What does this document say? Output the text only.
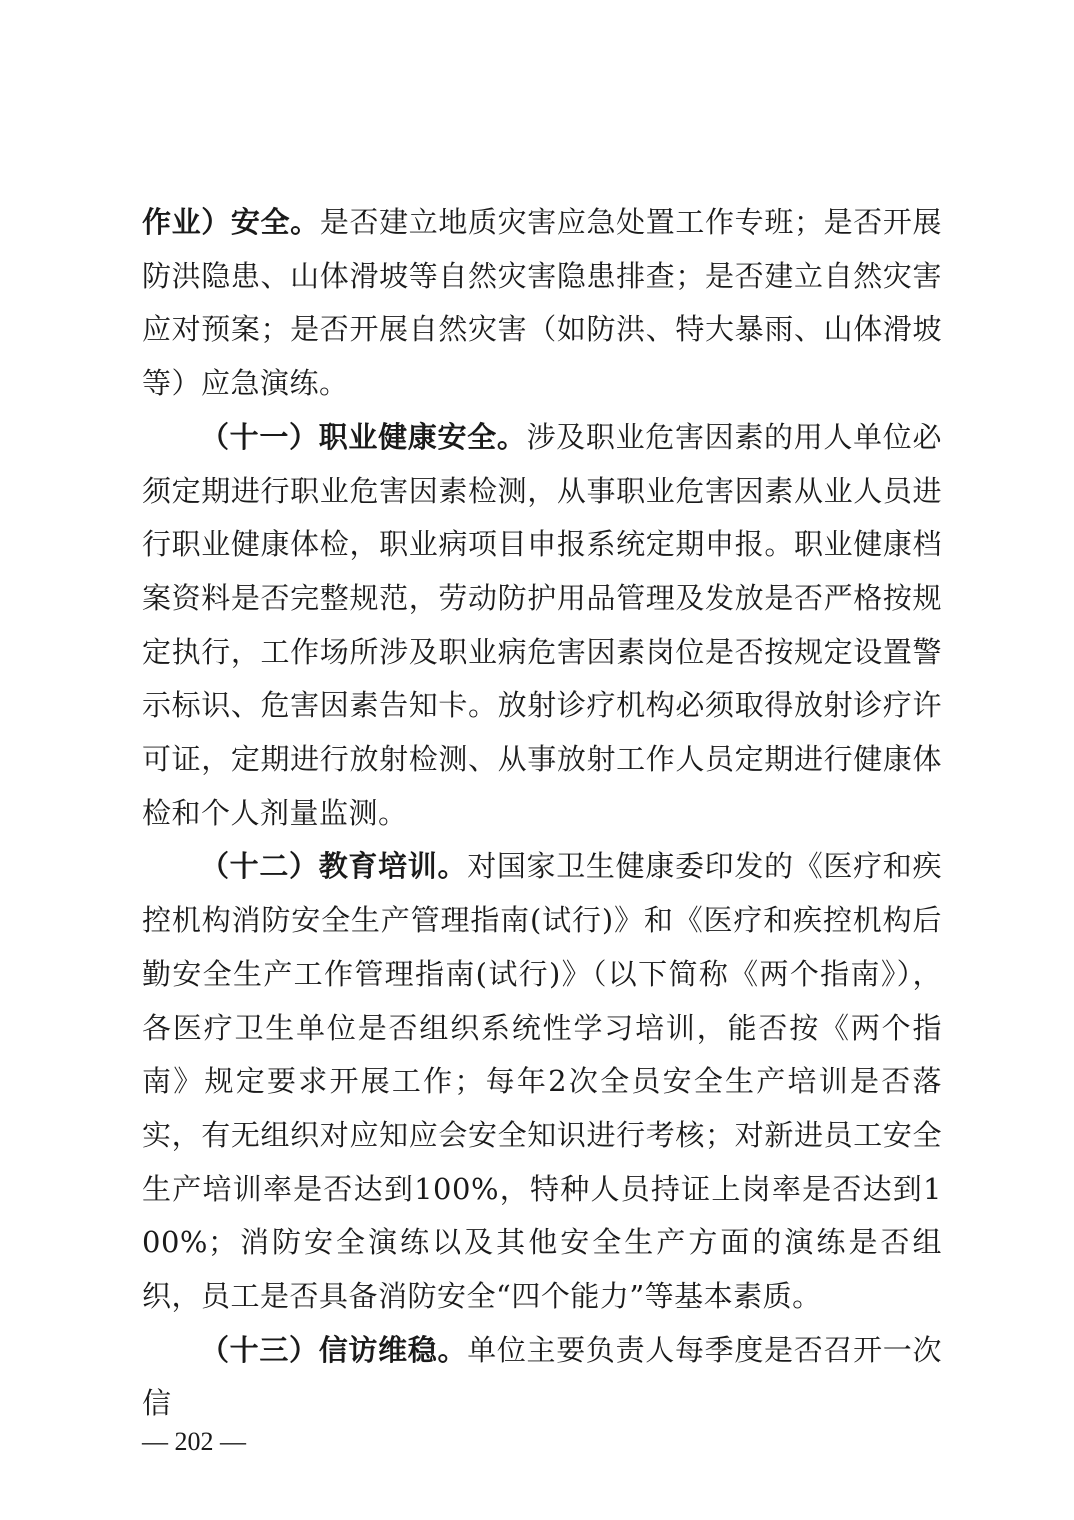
作业）安全。是否建立地质灾害应急处置工作专班；是否开展防洪隐患、山体滑坡等自然灾害隐患排查；是否建立自然灾害应对预案；是否开展自然灾害（如防洪、特大暴雨、山体滑坡等）应急演练。

（十一）职业健康安全。涉及职业危害因素的用人单位必须定期进行职业危害因素检测，从事职业危害因素从业人员进行职业健康体检，职业病项目申报系统定期申报。职业健康档案资料是否完整规范，劳动防护用品管理及发放是否严格按规定执行，工作场所涉及职业病危害因素岗位是否按规定设置警示标识、危害因素告知卡。放射诊疗机构必须取得放射诊疗许可证，定期进行放射检测、从事放射工作人员定期进行健康体检和个人剂量监测。

（十二）教育培训。对国家卫生健康委印发的《医疗和疾控机构消防安全生产管理指南(试行)》和《医疗和疾控机构后勤安全生产工作管理指南(试行)》（以下简称《两个指南》），各医疗卫生单位是否组织系统性学习培训，能否按《两个指南》规定要求开展工作；每年2次全员安全生产培训是否落实，有无组织对应知应会安全知识进行考核；对新进员工安全生产培训率是否达到100%，特种人员持证上岗率是否达到100%；消防安全演练以及其他安全生产方面的演练是否组织，员工是否具备消防安全“四个能力”等基本素质。

（十三）信访维稳。单位主要负责人每季度是否召开一次信

— 202 —
